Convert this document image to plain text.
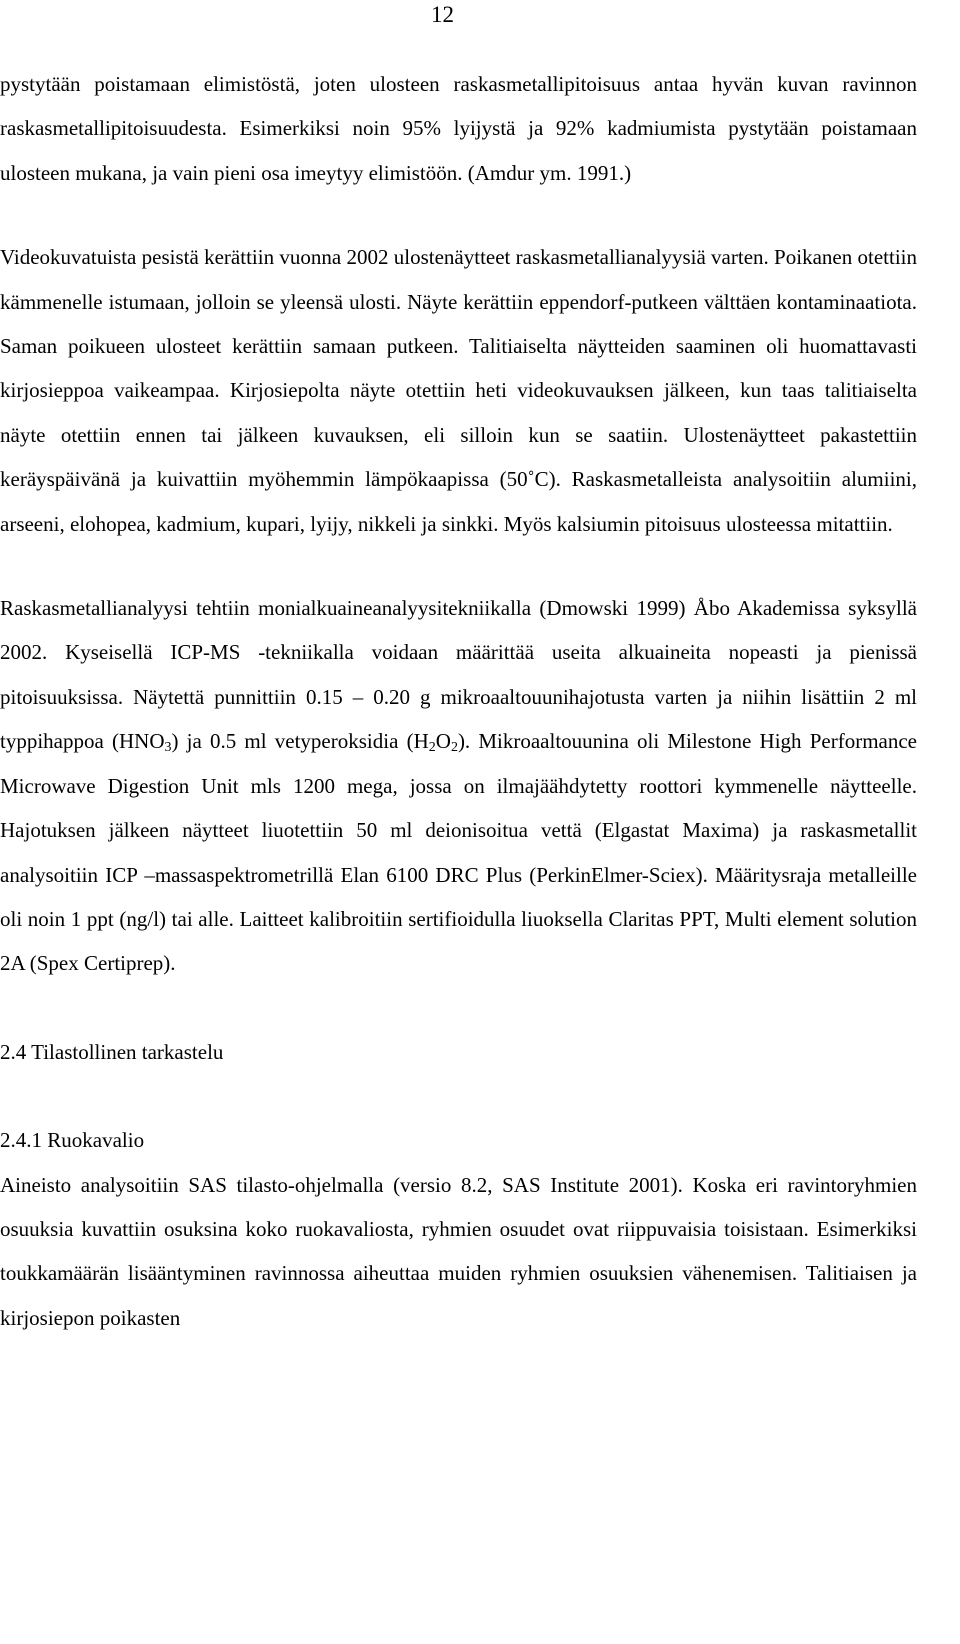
12

pystytään poistamaan elimistöstä, joten ulosteen raskasmetallipitoisuus antaa hyvän kuvan ravinnon raskasmetallipitoisuudesta. Esimerkiksi noin 95% lyijystä ja 92% kadmiumista pystytään poistamaan ulosteen mukana, ja vain pieni osa imeytyy elimistöön. (Amdur ym. 1991.)

Videokuvatuista pesistä kerättiin vuonna 2002 ulostenäytteet raskasmetallianalyysiä varten. Poikanen otettiin kämmenelle istumaan, jolloin se yleensä ulosti. Näyte kerättiin eppendorf-putkeen välttäen kontaminaatiota. Saman poikueen ulosteet kerättiin samaan putkeen. Talitiaiselta näytteiden saaminen oli huomattavasti kirjosieppoa vaikeampaa. Kirjosiepolta näyte otettiin heti videokuvauksen jälkeen, kun taas talitiaiselta näyte otettiin ennen tai jälkeen kuvauksen, eli silloin kun se saatiin. Ulostenäytteet pakastettiin keräyspäivänä ja kuivattiin myöhemmin lämpökaapissa (50˚C). Raskasmetalleista analysoitiin alumiini, arseeni, elohopea, kadmium, kupari, lyijy, nikkeli ja sinkki. Myös kalsiumin pitoisuus ulosteessa mitattiin.

Raskasmetallianalyysi tehtiin monialkuaineanalyysitekniikalla (Dmowski 1999) Åbo Akademissa syksyllä 2002. Kyseisellä ICP-MS -tekniikalla voidaan määrittää useita alkuaineita nopeasti ja pienissä pitoisuuksissa. Näytettä punnittiin 0.15 – 0.20 g mikroaaltouunihajotusta varten ja niihin lisättiin 2 ml typpihappoa $(HNO_3)$ ja 0.5 ml vetyperoksidia $(H_2O_2)$. Mikroaaltouunina oli Milestone High Performance Microwave Digestion Unit mls 1200 mega, jossa on ilmajäähdytetty roottori kymmenelle näytteelle. Hajotuksen jälkeen näytteet liuotettiin 50 ml deionisoitua vettä (Elgastat Maxima) ja raskasmetallit analysoitiin ICP –massaspektrometrillä Elan 6100 DRC Plus (PerkinElmer-Sciex). Määritysraja metalleille oli noin 1 ppt (ng/l) tai alle. Laitteet kalibroitiin sertifioidulla liuoksella Claritas PPT, Multi element solution 2A (Spex Certiprep).

2.4 Tilastollinen tarkastelu
2.4.1 Ruokavalio

Aineisto analysoitiin SAS tilasto-ohjelmalla (versio 8.2, SAS Institute 2001). Koska eri ravintoryhmien osuuksia kuvattiin osuksina koko ruokavaliosta, ryhmien osuudet ovat riippuvaisia toisistaan. Esimerkiksi toukkamäärän lisääntyminen ravinnossa aiheuttaa muiden ryhmien osuuksien vähenemisen. Talitiaisen ja kirjosiepon poikasten
